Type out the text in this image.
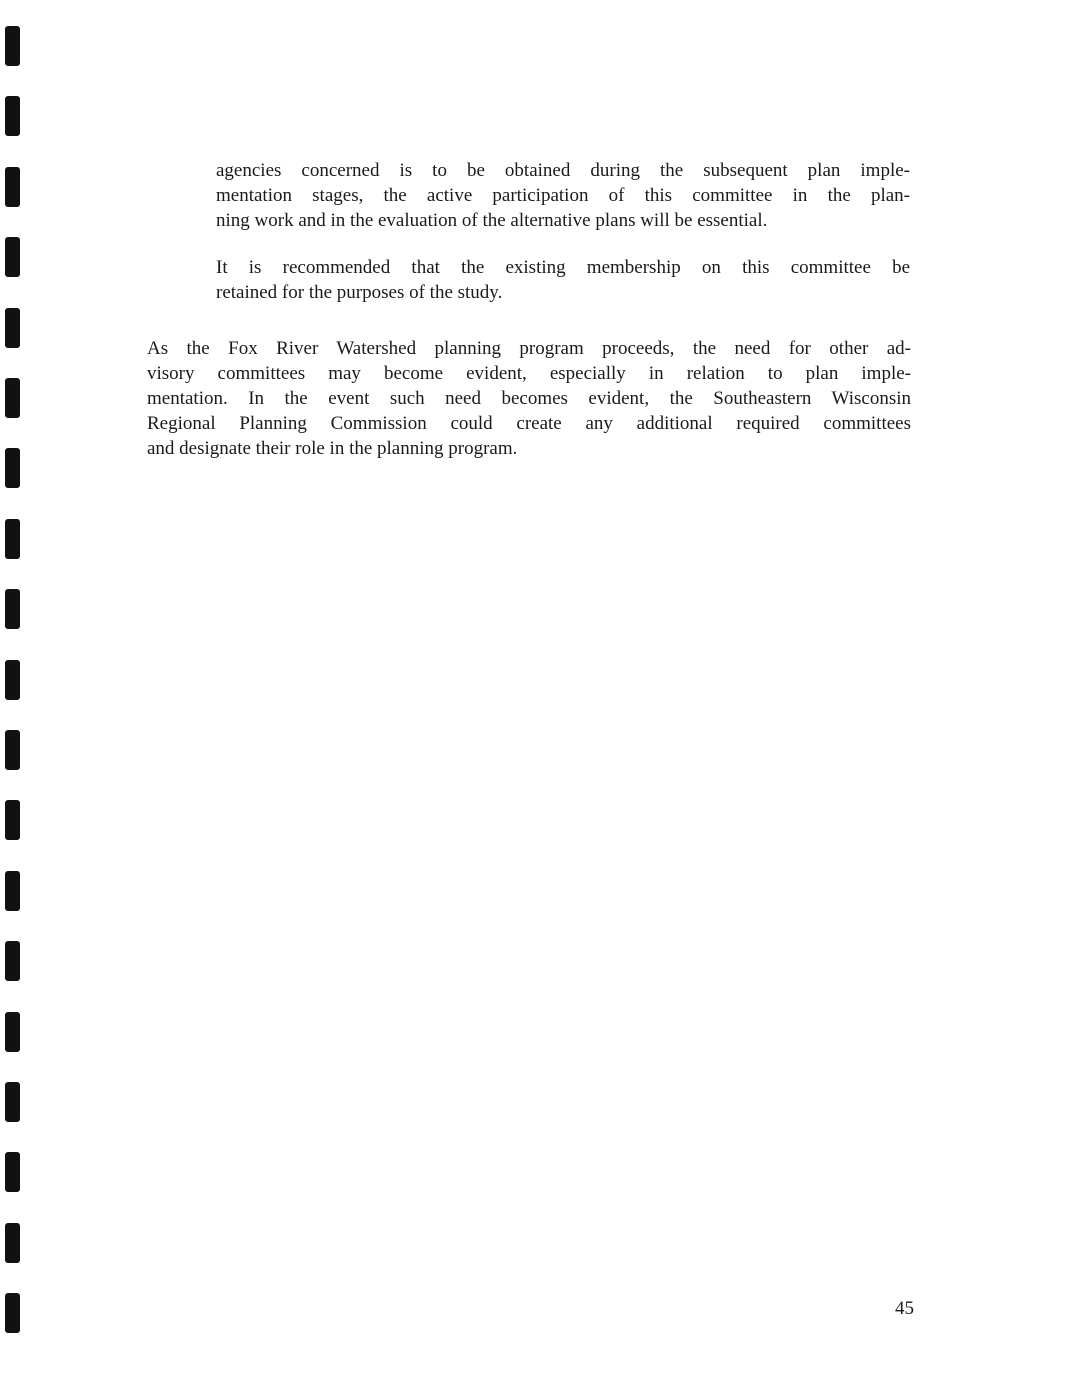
agencies concerned is to be obtained during the subsequent plan imple-
mentation stages, the active participation of this committee in the plan-
ning work and in the evaluation of the alternative plans will be essential.
It is recommended that the existing membership on this committee be
retained for the purposes of the study.
As the Fox River Watershed planning program proceeds, the need for other ad-
visory committees may become evident, especially in relation to plan imple-
mentation. In the event such need becomes evident, the Southeastern Wisconsin
Regional Planning Commission could create any additional required committees
and designate their role in the planning program.

45
